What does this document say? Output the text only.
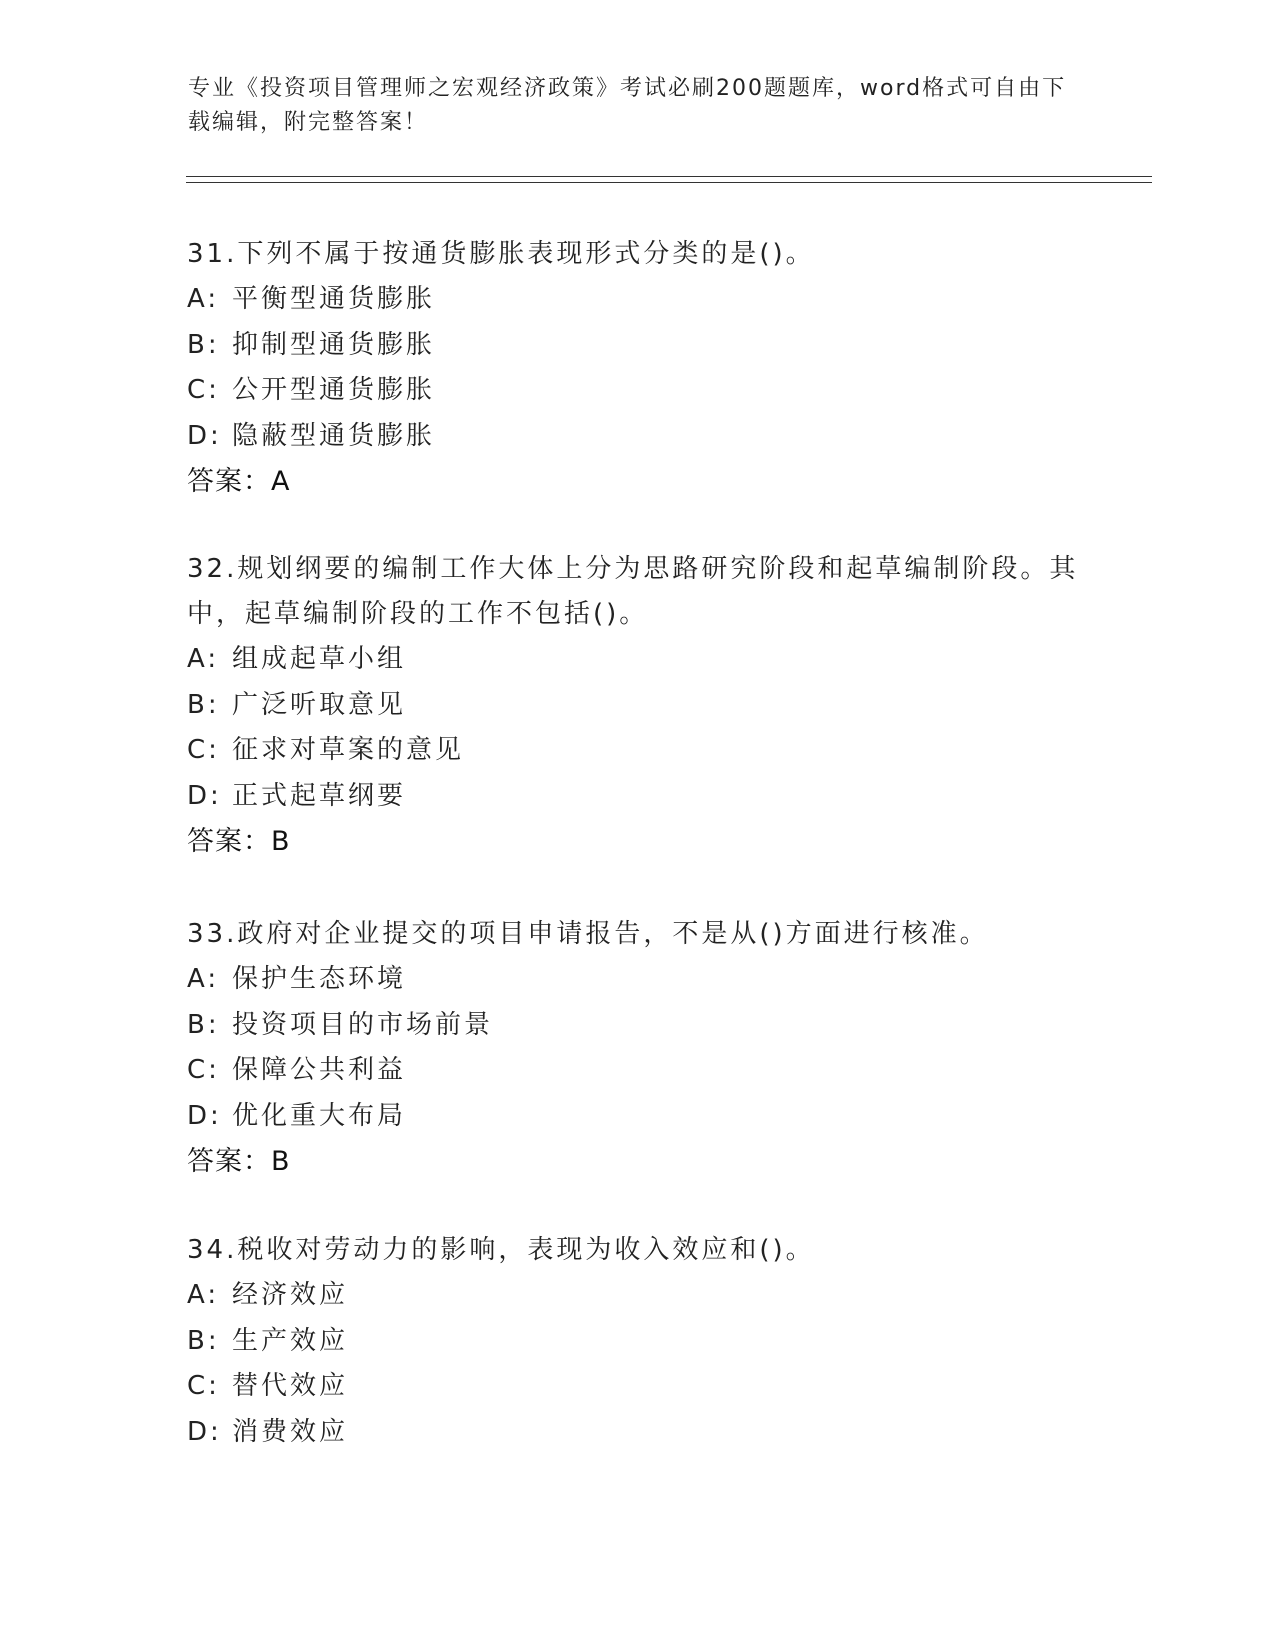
专业《投资项目管理师之宏观经济政策》考试必刷200题题库，word格式可自由下载编辑，附完整答案！

31.下列不属于按通货膨胀表现形式分类的是()。

A: 平衡型通货膨胀

B: 抑制型通货膨胀

C: 公开型通货膨胀

D: 隐蔽型通货膨胀

答案：A

32.规划纲要的编制工作大体上分为思路研究阶段和起草编制阶段。其中，起草编制阶段的工作不包括()。

A: 组成起草小组

B: 广泛听取意见

C: 征求对草案的意见

D: 正式起草纲要

答案：B

33.政府对企业提交的项目申请报告，不是从()方面进行核准。

A: 保护生态环境

B: 投资项目的市场前景

C: 保障公共利益

D: 优化重大布局

答案：B

34.税收对劳动力的影响，表现为收入效应和()。

A: 经济效应

B: 生产效应

C: 替代效应

D: 消费效应
